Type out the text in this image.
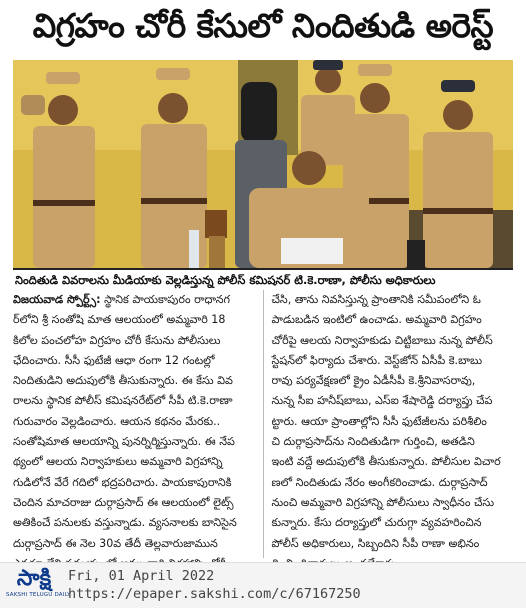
విగ్రహం చోరీ కేసులో నిందితుడి అరెస్ట్
నిందితుడి వివరాలను మీడియాకు వెల్లడిస్తున్న పోలీస్ కమిషనర్ టి.కె.రాణా, పోలీసు అధికారులు
విజయవాడ స్పోర్ట్స్: స్థానిక పాయకాపురం రాధానగ
ర్‌లోని శ్రీ సంతోషి మాత ఆలయంలో అమ్మవారి 18
కిలోల పంచలోహ విగ్రహం చోరీ కేసును పోలీసులు
ఛేదించారు. సీసీ ఫుటేజీ ఆధా రంగా 12 గంటల్లో
నిందితుడిని అదుపులోకి తీసుకున్నారు. ఈ కేసు వివ
రాలను స్థానిక పోలీస్ కమిషనరేట్‌లో సీపీ టి.కె.రాణా
గురువారం వెల్లడించారు. ఆయన కథనం మేరకు..
సంతోషిమాత ఆలయాన్ని పునర్నిర్మిస్తున్నారు. ఈ నేప
థ్యంలో ఆలయ నిర్వాహకులు అమ్మవారి విగ్రహాన్ని
గుడిలోనే వేరే గదిలో భద్రపరిచారు. పాయకాపురానికి
చెందిన మాచరాజు దుర్గాప్రసాద్ ఈ ఆలయంలో లైట్స్
అతికించే పనులకు వస్తున్నాడు. వ్యసనాలకు బానిసైన
దుర్గాప్రసాద్ ఈ నెల 30వ తేదీ తెల్లవారుజామున
చేసి, తాను నివసిస్తున్న ప్రాంతానికి సమీపంలోని ఓ
పాడుబడిన ఇంటిలో ఉంచాడు. అమ్మవారి విగ్రహం
చోరీపై ఆలయ నిర్వాహకుడు చిట్టిబాబు నున్న పోలీస్
స్టేషన్‌లో ఫిర్యాదు చేశారు. వెస్ట్‌జోన్ ఏసీపీ కె.బాబు
రావు పర్యవేక్షణలో క్రైం ఏడీసీపీ కె.శ్రీనివాసరావు,
నున్న సీఐ హనీష్‌బాబు, ఎస్ఐ శేషారెడ్డి దర్యాప్తు చేప
ట్టారు. ఆయా ప్రాంతాల్లోని సీసీ ఫుటేజీలను పరిశీలిం
చి దుర్గాప్రసాద్‌ను నిందితుడిగా గుర్తించి, అతడిని
ఇంటి వద్దే అదుపులోకి తీసుకున్నారు. పోలీసుల విచార
ణలో నిందితుడు నేరం అంగీకరించాడు. దుర్గాప్రసాద్
నుంచి అమ్మవారి విగ్రహాన్ని పోలీసులు స్వాధీనం చేసు
కున్నారు. కేసు దర్యాప్తులో చురుగ్గా వ్యవహరించిన
పోలీస్ అధికారులు, సిబ్బందిని సీపీ రాణా అభినం
సాక్షి
SAKSHI TELUGU DAILY
Fri, 01 April 2022
https://epaper.sakshi.com/c/67167250
